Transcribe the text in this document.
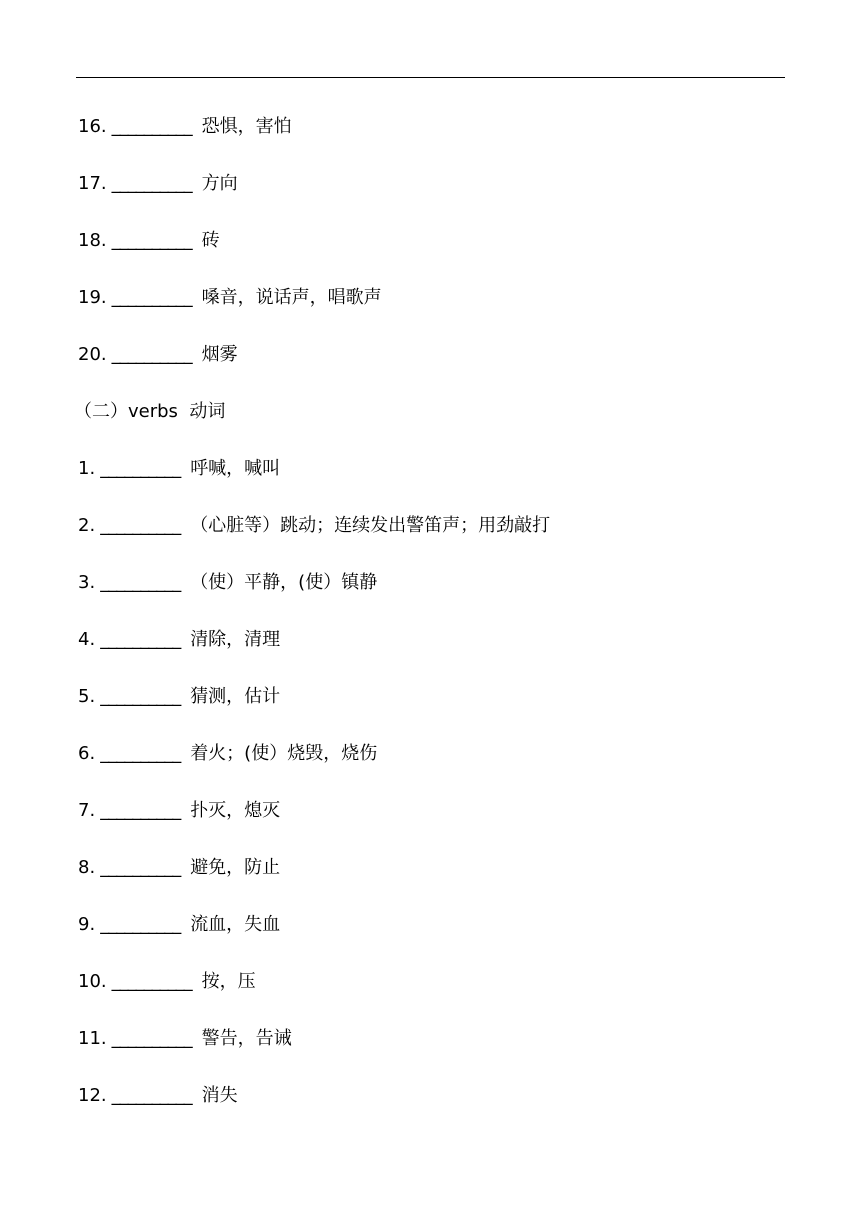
16. __________ 恐惧，害怕
17. __________ 方向
18. __________ 砖
19. __________ 嗓音，说话声，唱歌声
20. __________ 烟雾
（二）verbs  动词
1. __________ 呼喊，喊叫
2. __________ （心脏等）跳动；连续发出警笛声；用劲敲打
3. __________ （使）平静，(使）镇静
4. __________ 清除，清理
5. __________ 猜测，估计
6. __________ 着火；(使）烧毁，烧伤
7. __________ 扑灭，熄灭
8. __________ 避免，防止
9. __________ 流血，失血
10. __________ 按，压
11. __________ 警告，告诫
12. __________ 消失
